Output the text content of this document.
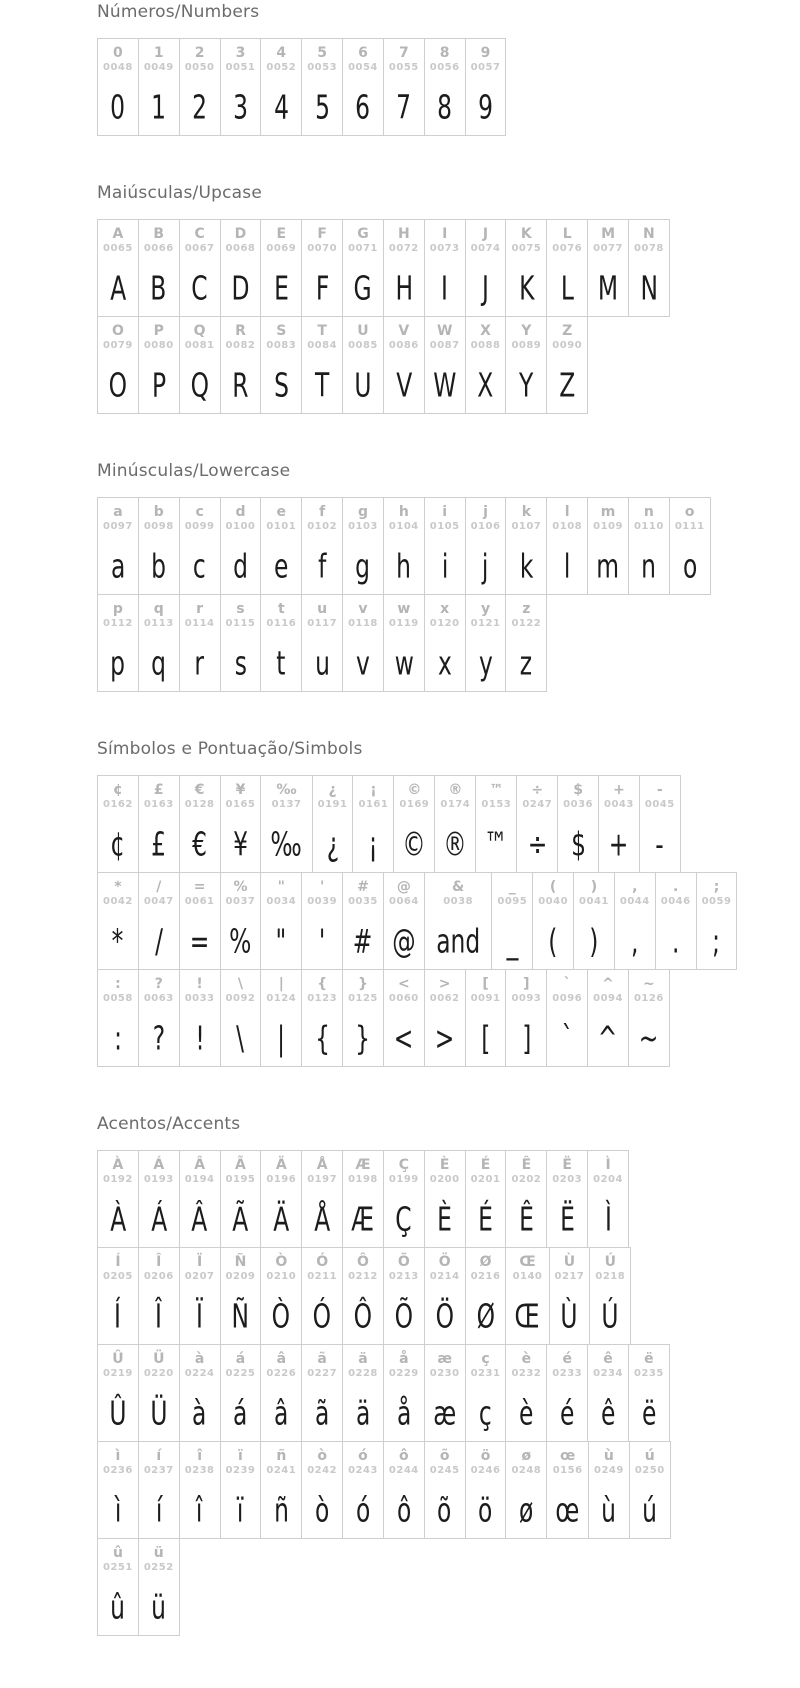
Números/Numbers
0
0048
0
1
0049
1
2
0050
2
3
0051
3
4
0052
4
5
0053
5
6
0054
6
7
0055
7
8
0056
8
9
0057
9
Maiúsculas/Upcase
A
0065
A
B
0066
B
C
0067
C
D
0068
D
E
0069
E
F
0070
F
G
0071
G
H
0072
H
I
0073
I
J
0074
J
K
0075
K
L
0076
L
M
0077
M
N
0078
N
O
0079
O
P
0080
P
Q
0081
Q
R
0082
R
S
0083
S
T
0084
T
U
0085
U
V
0086
V
W
0087
W
X
0088
X
Y
0089
Y
Z
0090
Z
Minúsculas/Lowercase
a
0097
a
b
0098
b
c
0099
c
d
0100
d
e
0101
e
f
0102
f
g
0103
g
h
0104
h
i
0105
i
j
0106
j
k
0107
k
l
0108
l
m
0109
m
n
0110
n
o
0111
o
p
0112
p
q
0113
q
r
0114
r
s
0115
s
t
0116
t
u
0117
u
v
0118
v
w
0119
w
x
0120
x
y
0121
y
z
0122
z
Símbolos e Pontuação/Simbols
¢
0162
¢
£
0163
£
€
0128
€
¥
0165
¥
‰
0137
‰
¿
0191
¿
¡
0161
¡
©
0169
©
®
0174
®
™
0153
™
÷
0247
÷
$
0036
$
+
0043
+
-
0045
-
*
0042
*
/
0047
/
=
0061
=
%
0037
%
"
0034
"
'
0039
'
#
0035
#
@
0064
@
&
0038
and
_
0095
_
(
0040
(
)
0041
)
,
0044
,
.
0046
.
;
0059
;
:
0058
:
?
0063
?
!
0033
!
\
0092
\
|
0124
|
{
0123
{
}
0125
}
<
0060
<
>
0062
>
[
0091
[
]
0093
]
`
0096
`
^
0094
^
~
0126
~
Acentos/Accents
À
0192
À
Á
0193
Á
Â
0194
Â
Ã
0195
Ã
Ä
0196
Ä
Å
0197
Å
Æ
0198
Æ
Ç
0199
Ç
È
0200
È
É
0201
É
Ê
0202
Ê
Ë
0203
Ë
Ì
0204
Ì
Í
0205
Í
Î
0206
Î
Ï
0207
Ï
Ñ
0209
Ñ
Ò
0210
Ò
Ó
0211
Ó
Ô
0212
Ô
Õ
0213
Õ
Ö
0214
Ö
Ø
0216
Ø
Œ
0140
Œ
Ù
0217
Ù
Ú
0218
Ú
Û
0219
Û
Ü
0220
Ü
à
0224
à
á
0225
á
â
0226
â
ã
0227
ã
ä
0228
ä
å
0229
å
æ
0230
æ
ç
0231
ç
è
0232
è
é
0233
é
ê
0234
ê
ë
0235
ë
ì
0236
ì
í
0237
í
î
0238
î
ï
0239
ï
ñ
0241
ñ
ò
0242
ò
ó
0243
ó
ô
0244
ô
õ
0245
õ
ö
0246
ö
ø
0248
ø
œ
0156
œ
ù
0249
ù
ú
0250
ú
û
0251
û
ü
0252
ü
